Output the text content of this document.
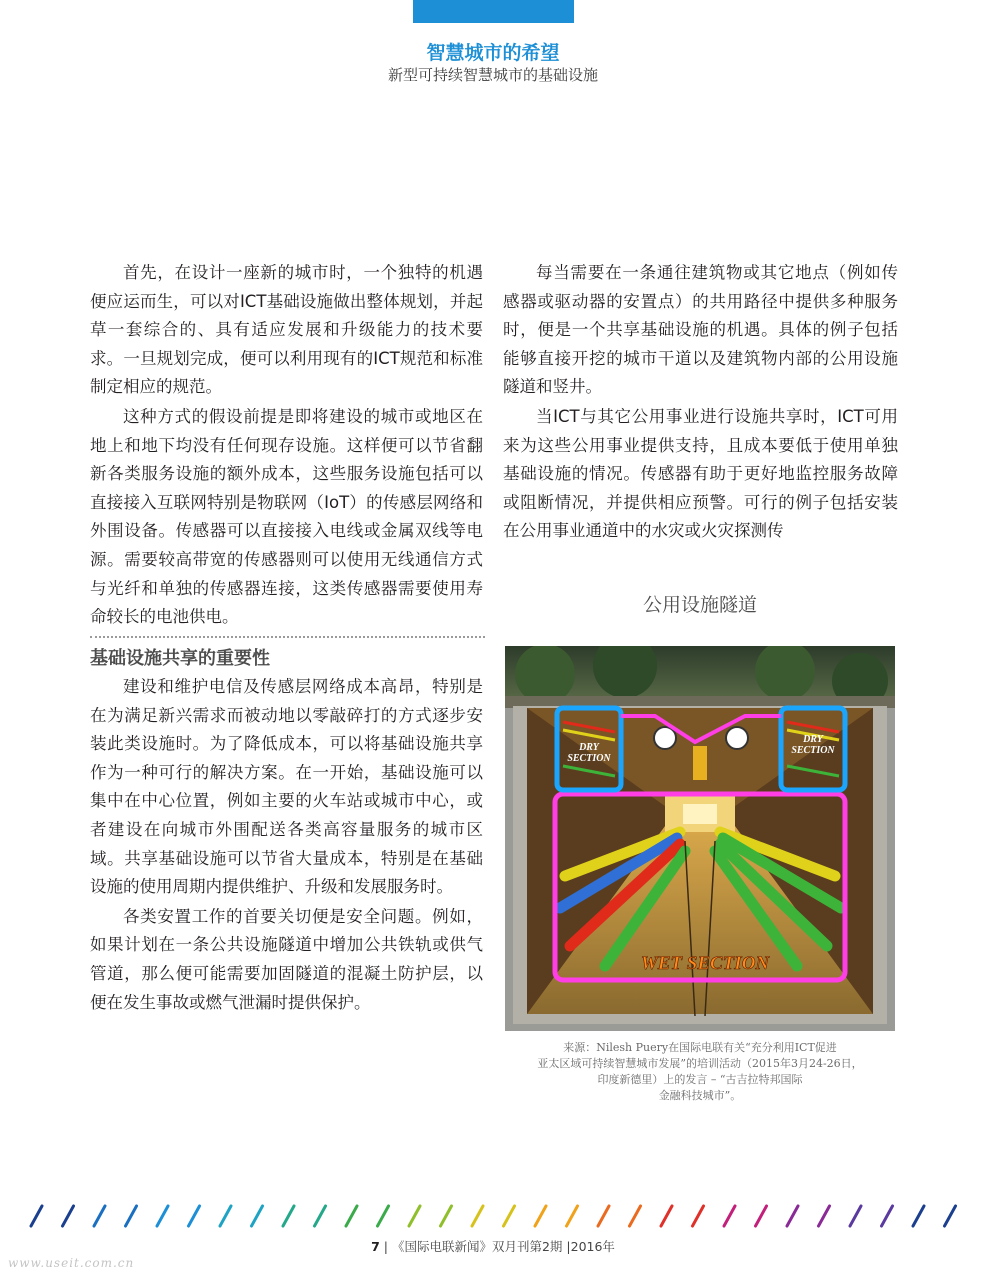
智慧城市的希望
新型可持续智慧城市的基础设施

首先，在设计一座新的城市时，一个独特的机遇便应运而生，可以对ICT基础设施做出整体规划，并起草一套综合的、具有适应发展和升级能力的技术要求。一旦规划完成，便可以利用现有的ICT规范和标准制定相应的规范。

这种方式的假设前提是即将建设的城市或地区在地上和地下均没有任何现存设施。这样便可以节省翻新各类服务设施的额外成本，这些服务设施包括可以直接接入互联网特别是物联网（IoT）的传感层网络和外围设备。传感器可以直接接入电线或金属双线等电源。需要较高带宽的传感器则可以使用无线通信方式与光纤和单独的传感器连接，这类传感器需要使用寿命较长的电池供电。

基础设施共享的重要性

建设和维护电信及传感层网络成本高昂，特别是在为满足新兴需求而被动地以零敲碎打的方式逐步安装此类设施时。为了降低成本，可以将基础设施共享作为一种可行的解决方案。在一开始，基础设施可以集中在中心位置，例如主要的火车站或城市中心，或者建设在向城市外围配送各类高容量服务的城市区域。共享基础设施可以节省大量成本，特别是在基础设施的使用周期内提供维护、升级和发展服务时。

各类安置工作的首要关切便是安全问题。例如，如果计划在一条公共设施隧道中增加公共铁轨或供气管道，那么便可能需要加固隧道的混凝土防护层，以便在发生事故或燃气泄漏时提供保护。

每当需要在一条通往建筑物或其它地点（例如传感器或驱动器的安置点）的共用路径中提供多种服务时，便是一个共享基础设施的机遇。具体的例子包括能够直接开挖的城市干道以及建筑物内部的公用设施隧道和竖井。

当ICT与其它公用事业进行设施共享时，ICT可用来为这些公用事业提供支持，且成本要低于使用单独基础设施的情况。传感器有助于更好地监控服务故障或阻断情况，并提供相应预警。可行的例子包括安装在公用事业通道中的水灾或火灾探测传

公用设施隧道
DRY
SECTION
DRY
SECTION
WET SECTION
来源：Nilesh Puery在国际电联有关“充分利用ICT促进
亚太区域可持续智慧城市发展”的培训活动（2015年3月24-26日，
印度新德里）上的发言 – “古吉拉特邦国际
金融科技城市”。
7 | 《国际电联新闻》双月刊第2期 |2016年
www.useit.com.cn
